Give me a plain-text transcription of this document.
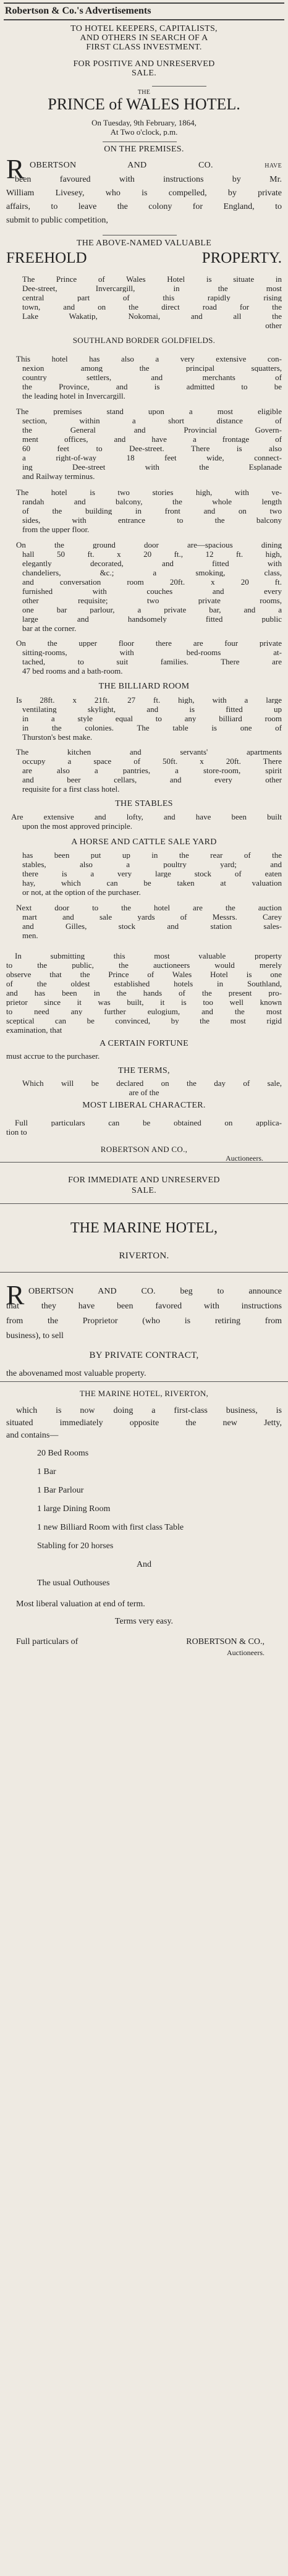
Robertson & Co.'s Advertisements
TO HOTEL KEEPERS, CAPITALISTS,
AND OTHERS IN SEARCH OF A
FIRST CLASS INVESTMENT.
FOR POSITIVE AND UNRESERVED
SALE.
THE
PRINCE of WALES HOTEL.
On Tuesday, 9th February, 1864,
At Two o'clock, p.m.
ON THE PREMISES.
OBERTSON AND CO. have
been favoured with instructions by Mr.
William Livesey, who is compelled, by private
affairs, to leave the colony for England, to
submit to public competition,
THE ABOVE-NAMED VALUABLE
FREEHOLD PROPERTY.
The Prince of Wales Hotel is situate in
Dee-street, Invercargill, in the most
central part of this rapidly rising
town, and on the direct road for the
Lake Wakatip, Nokomai, and all the
other
SOUTHLAND BORDER GOLDFIELDS.
This hotel has also a very extensive con-
nexion among the principal squatters,
country settlers, and merchants of
the Province, and is admitted to be
the leading hotel in Invercargill.
The premises stand upon a most eligible
section, within a short distance of
the General and Provincial Govern-
ment offices, and have a frontage of
60 feet to Dee-street. There is also
a right-of-way 18 feet wide, connect-
ing Dee-street with the Esplanade
and Railway terminus.
The hotel is two stories high, with ve-
randah and balcony, the whole length
of the building in front and on two
sides, with entrance to the balcony
from the upper floor.
On the ground door are—spacious dining
hall 50 ft. x 20 ft., 12 ft. high,
elegantly decorated, and fitted with
chandeliers, &c.; a smoking, class,
and conversation room 20ft. x 20 ft.
furnished with couches and every
other requisite; two private rooms,
one bar parlour, a private bar, and a
large and handsomely fitted public
bar at the corner.
On the upper floor there are four private
sitting-rooms, with bed-rooms at-
tached, to suit families. There are
47 bed rooms and a bath-room.
THE BILLIARD ROOM
Is 28ft. x 21ft. 27 ft. high, with a large
ventilating skylight, and is fitted up
in a style equal to any billiard room
in the colonies. The table is one of
Thurston's best make.
The kitchen and servants' apartments
occupy a space of 50ft. x 20ft. There
are also a pantries, a store-room, spirit
and beer cellars, and every other
requisite for a first class hotel.
THE STABLES
Are extensive and lofty, and have been built
upon the most approved principle.
A HORSE AND CATTLE SALE YARD
has been put up in the rear of the
stables, also a poultry yard; and
there is a very large stock of eaten
hay, which can be taken at valuation
or not, at the option of the purchaser.
Next door to the hotel are the auction
mart and sale yards of Messrs. Carey
and Gilles, stock and station sales-
men.
In submitting this most valuable property
to the public, the auctioneers would merely
observe that the Prince of Wales Hotel is one
of the oldest established hotels in Southland,
and has been in the hands of the present pro-
prietor since it was built, it is too well known
to need any further eulogium, and the most
sceptical can be convinced, by the most rigid
examination, that
A CERTAIN FORTUNE
must accrue to the purchaser.
THE TERMS,
Which will be declared on the day of sale,
are of the
MOST LIBERAL CHARACTER.
Full particulars can be obtained on applica-
tion to
ROBERTSON AND CO.,
Auctioneers.
FOR IMMEDIATE AND UNRESERVED
SALE.
THE MARINE HOTEL,
RIVERTON.
OBERTSON AND CO. beg to announce
that they have been favored with instructions
from the Proprietor (who is retiring from
business), to sell
BY PRIVATE CONTRACT,
the abovenamed most valuable property.
THE MARINE HOTEL, RIVERTON,
which is now doing a first-class business, is
situated immediately opposite the new Jetty,
and contains—
20 Bed Rooms
1 Bar
1 Bar Parlour
1 large Dining Room
1 new Billiard Room with first class Table
Stabling for 20 horses
And
The usual Outhouses
Most liberal valuation at end of term.
Terms very easy.
Full particulars of	ROBERTSON & CO.,
Auctioneers.
R
R
